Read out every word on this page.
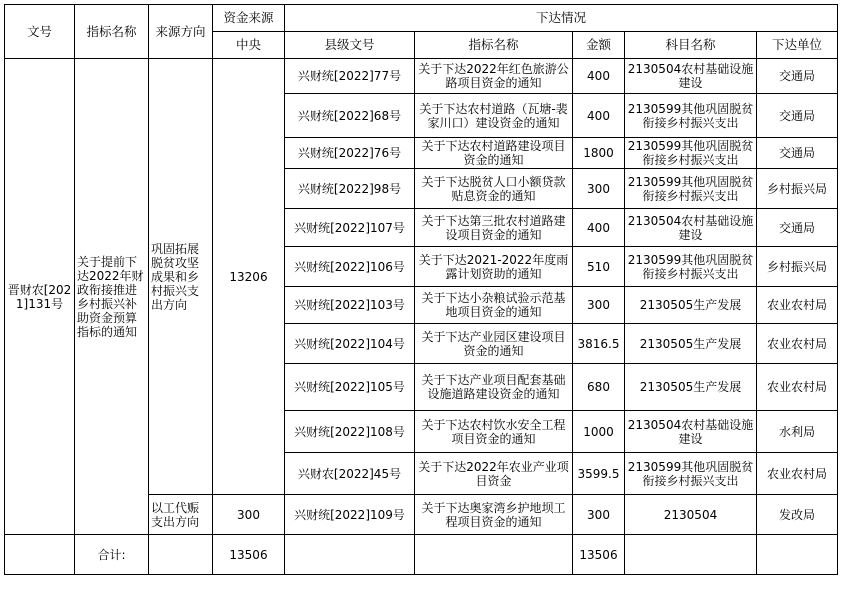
文号	指标名称	来源方向	资金来源	下达情况				
			中央	县级文号	指标名称	金额	科目名称	下达单位
晋财农[2021]131号	关于提前下达2022年财政衔接推进乡村振兴补助资金预算指标的通知	巩固拓展脱贫攻坚成果和乡村振兴支出方向	13206	兴财统[2022]77号	关于下达2022年红色旅游公路项目资金的通知	400	2130504农村基础设施建设	交通局
				兴财统[2022]68号	关于下达农村道路（瓦塘-裴家川口）建设资金的通知	400	2130599其他巩固脱贫衔接乡村振兴支出	交通局
				兴财统[2022]76号	关于下达农村道路建设项目资金的通知	1800	2130599其他巩固脱贫衔接乡村振兴支出	交通局
				兴财统[2022]98号	关于下达脱贫人口小额贷款贴息资金的通知	300	2130599其他巩固脱贫衔接乡村振兴支出	乡村振兴局
				兴财统[2022]107号	关于下达第三批农村道路建设项目资金的通知	400	2130504农村基础设施建设	交通局
				兴财统[2022]106号	关于下达2021-2022年度雨露计划资助的通知	510	2130599其他巩固脱贫衔接乡村振兴支出	乡村振兴局
				兴财统[2022]103号	关于下达小杂粮试验示范基地项目资金的通知	300	2130505生产发展	农业农村局
				兴财统[2022]104号	关于下达产业园区建设项目资金的通知	3816.5	2130505生产发展	农业农村局
				兴财统[2022]105号	关于下达产业项目配套基础设施道路建设资金的通知	680	2130505生产发展	农业农村局
				兴财统[2022]108号	关于下达农村饮水安全工程项目资金的通知	1000	2130504农村基础设施建设	水利局
				兴财农[2022]45号	关于下达2022年农业产业项目资金	3599.5	2130599其他巩固脱贫衔接乡村振兴支出	农业农村局
		以工代赈支出方向	300	兴财统[2022]109号	关于下达奥家湾乡护地坝工程项目资金的通知	300	2130504	发改局
	合计:		13506			13506		
